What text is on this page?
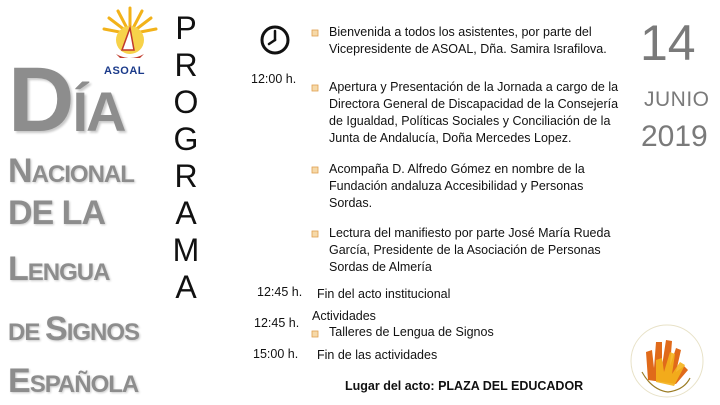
ASOAL
DÍA
NACIONAL
DE LA
LENGUA
DE SIGNOS
ESPAÑOLA
P
R
O
G
R
A
M
A
Bienvenida a todos los asistentes, por parte del Vicepresidente de ASOAL, Dña. Samira Israfilova.
12:00 h.
Apertura y Presentación de la Jornada a cargo de la Directora General de Discapacidad de la Consejería de Igualdad, Políticas Sociales y Conciliación de la Junta de Andalucía, Doña Mercedes Lopez.
Acompaña D. Alfredo Gómez en nombre de la Fundación andaluza Accesibilidad y Personas Sordas.
Lectura del manifiesto por parte José María Rueda García, Presidente de la Asociación de Personas Sordas de Almería
12:45 h. Fin del acto institucional
12:45 h. Actividades
Talleres de Lengua de Signos
15:00 h. Fin de las actividades
Lugar del acto: PLAZA DEL EDUCADOR
14
JUNIO
2019
